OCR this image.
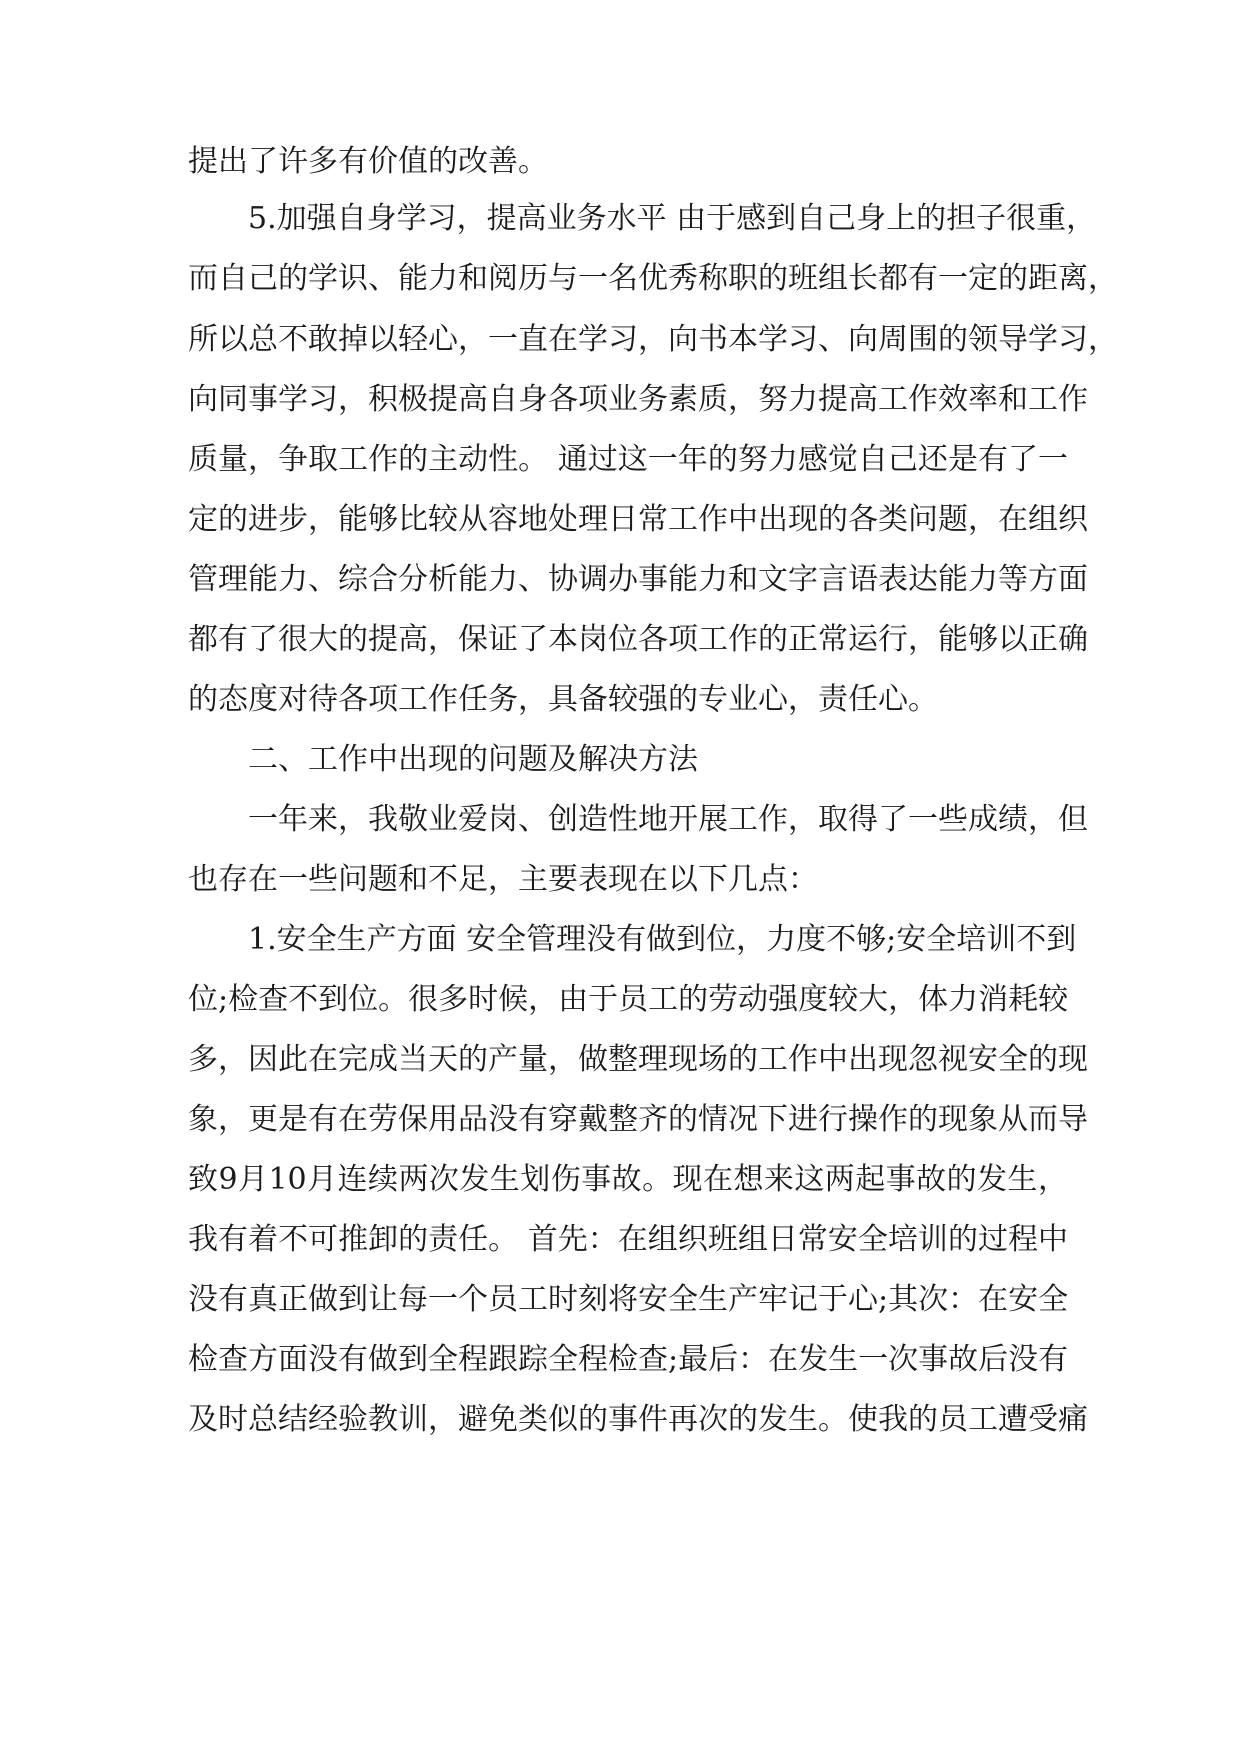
提出了许多有价值的改善。
5.加强自身学习，提高业务水平 由于感到自己身上的担子很重，
而自己的学识、能力和阅历与一名优秀称职的班组长都有一定的距离，
所以总不敢掉以轻心，一直在学习，向书本学习、向周围的领导学习，
向同事学习，积极提高自身各项业务素质，努力提高工作效率和工作
质量，争取工作的主动性。 通过这一年的努力感觉自己还是有了一
定的进步，能够比较从容地处理日常工作中出现的各类问题，在组织
管理能力、综合分析能力、协调办事能力和文字言语表达能力等方面
都有了很大的提高，保证了本岗位各项工作的正常运行，能够以正确
的态度对待各项工作任务，具备较强的专业心，责任心。
二、工作中出现的问题及解决方法
一年来，我敬业爱岗、创造性地开展工作，取得了一些成绩，但
也存在一些问题和不足，主要表现在以下几点：
1.安全生产方面 安全管理没有做到位，力度不够;安全培训不到
位;检查不到位。很多时候，由于员工的劳动强度较大，体力消耗较
多，因此在完成当天的产量，做整理现场的工作中出现忽视安全的现
象，更是有在劳保用品没有穿戴整齐的情况下进行操作的现象从而导
致9月10月连续两次发生划伤事故。现在想来这两起事故的发生，
我有着不可推卸的责任。 首先：在组织班组日常安全培训的过程中
没有真正做到让每一个员工时刻将安全生产牢记于心;其次：在安全
检查方面没有做到全程跟踪全程检查;最后：在发生一次事故后没有
及时总结经验教训，避免类似的事件再次的发生。使我的员工遭受痛
